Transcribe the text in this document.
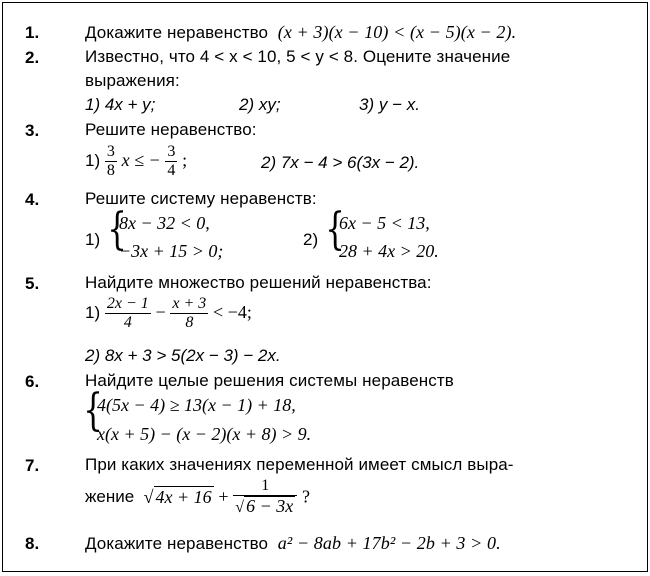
1.	Докажите неравенство (x + 3)(x − 10) < (x − 5)(x − 2).
2.	Известно, что 4 < x < 10, 5 < y < 8. Оцените значение
выражения:
1) 4x + y;	2) xy;	3) y − x.
3.	Решите неравенство:
$1) \frac{3}{8}$ x ≤ − $\frac{3}{4}$ ;	2) 7x − 4 > 6(3x − 2).
4.	Решите систему неравенств:
1) {
8x − 32 < 0,
−3x + 15 > 0;
2) {
6x − 5 < 13,
28 + 4x > 20.
5.	Найдите множество решений неравенства:
$1) \frac{2x - 1}{4} - \frac{x + 3}{8} < -4$;
2) 8x + 3 > 5(2x − 3) − 2x.
6.	Найдите целые решения системы неравенств
{
4(5x − 4) ≥ 13(x − 1) + 18,
x(x + 5) − (x − 2)(x + 8) > 9.
7.	При каких значениях переменной имеет смысл выра-
жение √ $4x + 16 + \frac{1}{√ 6 - 3x}$ ?
8.	Докажите неравенство a² − 8ab + 17b² − 2b + 3 > 0.
